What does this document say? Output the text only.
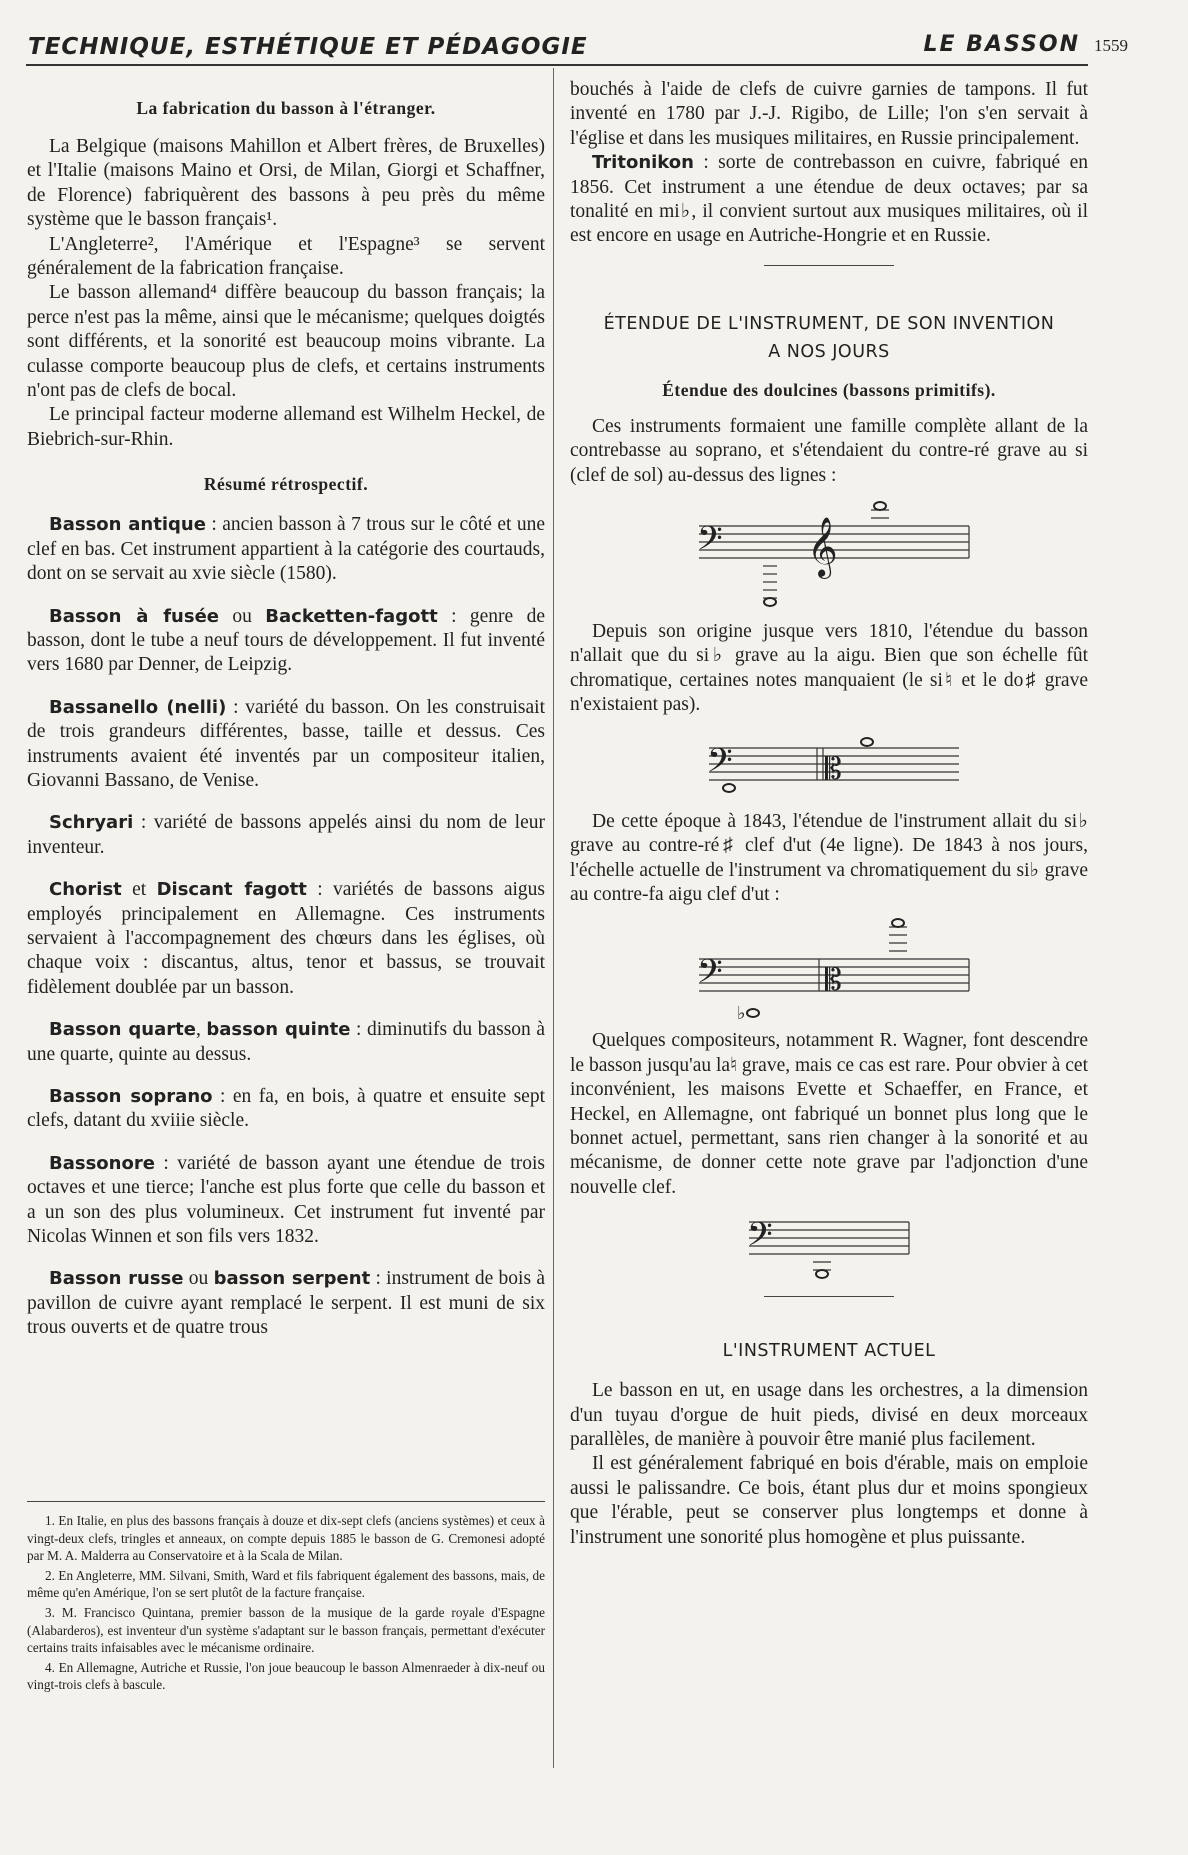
TECHNIQUE, ESTHÉTIQUE ET PÉDAGOGIE	LE BASSON 1559
La fabrication du basson à l'étranger.

La Belgique (maisons Mahillon et Albert frères, de Bruxelles) et l'Italie (maisons Maino et Orsi, de Milan, Giorgi et Schaffner, de Florence) fabriquèrent des bassons à peu près du même système que le basson français¹.

L'Angleterre², l'Amérique et l'Espagne³ se servent généralement de la fabrication française.

Le basson allemand⁴ diffère beaucoup du basson français; la perce n'est pas la même, ainsi que le mécanisme; quelques doigtés sont différents, et la sonorité est beaucoup moins vibrante. La culasse comporte beaucoup plus de clefs, et certains instruments n'ont pas de clefs de bocal.

Le principal facteur moderne allemand est Wilhelm Heckel, de Biebrich-sur-Rhin.

Résumé rétrospectif.

Basson antique : ancien basson à 7 trous sur le côté et une clef en bas. Cet instrument appartient à la catégorie des courtauds, dont on se servait au xvie siècle (1580).

Basson à fusée ou Backetten-fagott : genre de basson, dont le tube a neuf tours de développement. Il fut inventé vers 1680 par Denner, de Leipzig.

Bassanello (nelli) : variété du basson. On les construisait de trois grandeurs différentes, basse, taille et dessus. Ces instruments avaient été inventés par un compositeur italien, Giovanni Bassano, de Venise.

Schryari : variété de bassons appelés ainsi du nom de leur inventeur.

Chorist et Discant fagott : variétés de bassons aigus employés principalement en Allemagne. Ces instruments servaient à l'accompagnement des chœurs dans les églises, où chaque voix : discantus, altus, tenor et bassus, se trouvait fidèlement doublée par un basson.

Basson quarte, basson quinte : diminutifs du basson à une quarte, quinte au dessus.

Basson soprano : en fa, en bois, à quatre et ensuite sept clefs, datant du xviiie siècle.

Bassonore : variété de basson ayant une étendue de trois octaves et une tierce; l'anche est plus forte que celle du basson et a un son des plus volumineux. Cet instrument fut inventé par Nicolas Winnen et son fils vers 1832.

Basson russe ou basson serpent : instrument de bois à pavillon de cuivre ayant remplacé le serpent. Il est muni de six trous ouverts et de quatre trous

1. En Italie, en plus des bassons français à douze et dix-sept clefs (anciens systèmes) et ceux à vingt-deux clefs, tringles et anneaux, on compte depuis 1885 le basson de G. Cremonesi adopté par M. A. Malderra au Conservatoire et à la Scala de Milan.
2. En Angleterre, MM. Silvani, Smith, Ward et fils fabriquent également des bassons, mais, de même qu'en Amérique, l'on se sert plutôt de la facture française.
3. M. Francisco Quintana, premier basson de la musique de la garde royale d'Espagne (Alabarderos), est inventeur d'un système s'adaptant sur le basson français, permettant d'exécuter certains traits infaisables avec le mécanisme ordinaire.
4. En Allemagne, Autriche et Russie, l'on joue beaucoup le basson Almenraeder à dix-neuf ou vingt-trois clefs à bascule.

bouchés à l'aide de clefs de cuivre garnies de tampons. Il fut inventé en 1780 par J.-J. Rigibo, de Lille; l'on s'en servait à l'église et dans les musiques militaires, en Russie principalement.

Tritonikon : sorte de contrebasson en cuivre, fabriqué en 1856. Cet instrument a une étendue de deux octaves; par sa tonalité en mi♭, il convient surtout aux musiques militaires, où il est encore en usage en Autriche-Hongrie et en Russie.

ÉTENDUE DE L'INSTRUMENT, DE SON INVENTION
A NOS JOURS
Étendue des doulcines (bassons primitifs).

Ces instruments formaient une famille complète allant de la contrebasse au soprano, et s'étendaient du contre-ré grave au si (clef de sol) au-dessus des lignes :

𝄢 𝄞

Depuis son origine jusque vers 1810, l'étendue du basson n'allait que du si♭ grave au la aigu. Bien que son échelle fût chromatique, certaines notes manquaient (le si♮ et le do♯ grave n'existaient pas).

𝄢	𝄡

De cette époque à 1843, l'étendue de l'instrument allait du si♭ grave au contre-ré♯ clef d'ut (4e ligne). De 1843 à nos jours, l'échelle actuelle de l'instrument va chromatiquement du si♭ grave au contre-fa aigu clef d'ut :

𝄢	𝄡
♭

Quelques compositeurs, notamment R. Wagner, font descendre le basson jusqu'au la♮ grave, mais ce cas est rare. Pour obvier à cet inconvénient, les maisons Evette et Schaeffer, en France, et Heckel, en Allemagne, ont fabriqué un bonnet plus long que le bonnet actuel, permettant, sans rien changer à la sonorité et au mécanisme, de donner cette note grave par l'adjonction d'une nouvelle clef.

𝄢
L'INSTRUMENT ACTUEL

Le basson en ut, en usage dans les orchestres, a la dimension d'un tuyau d'orgue de huit pieds, divisé en deux morceaux parallèles, de manière à pouvoir être manié plus facilement.

Il est généralement fabriqué en bois d'érable, mais on emploie aussi le palissandre. Ce bois, étant plus dur et moins spongieux que l'érable, peut se conserver plus longtemps et donne à l'instrument une sonorité plus homogène et plus puissante.
